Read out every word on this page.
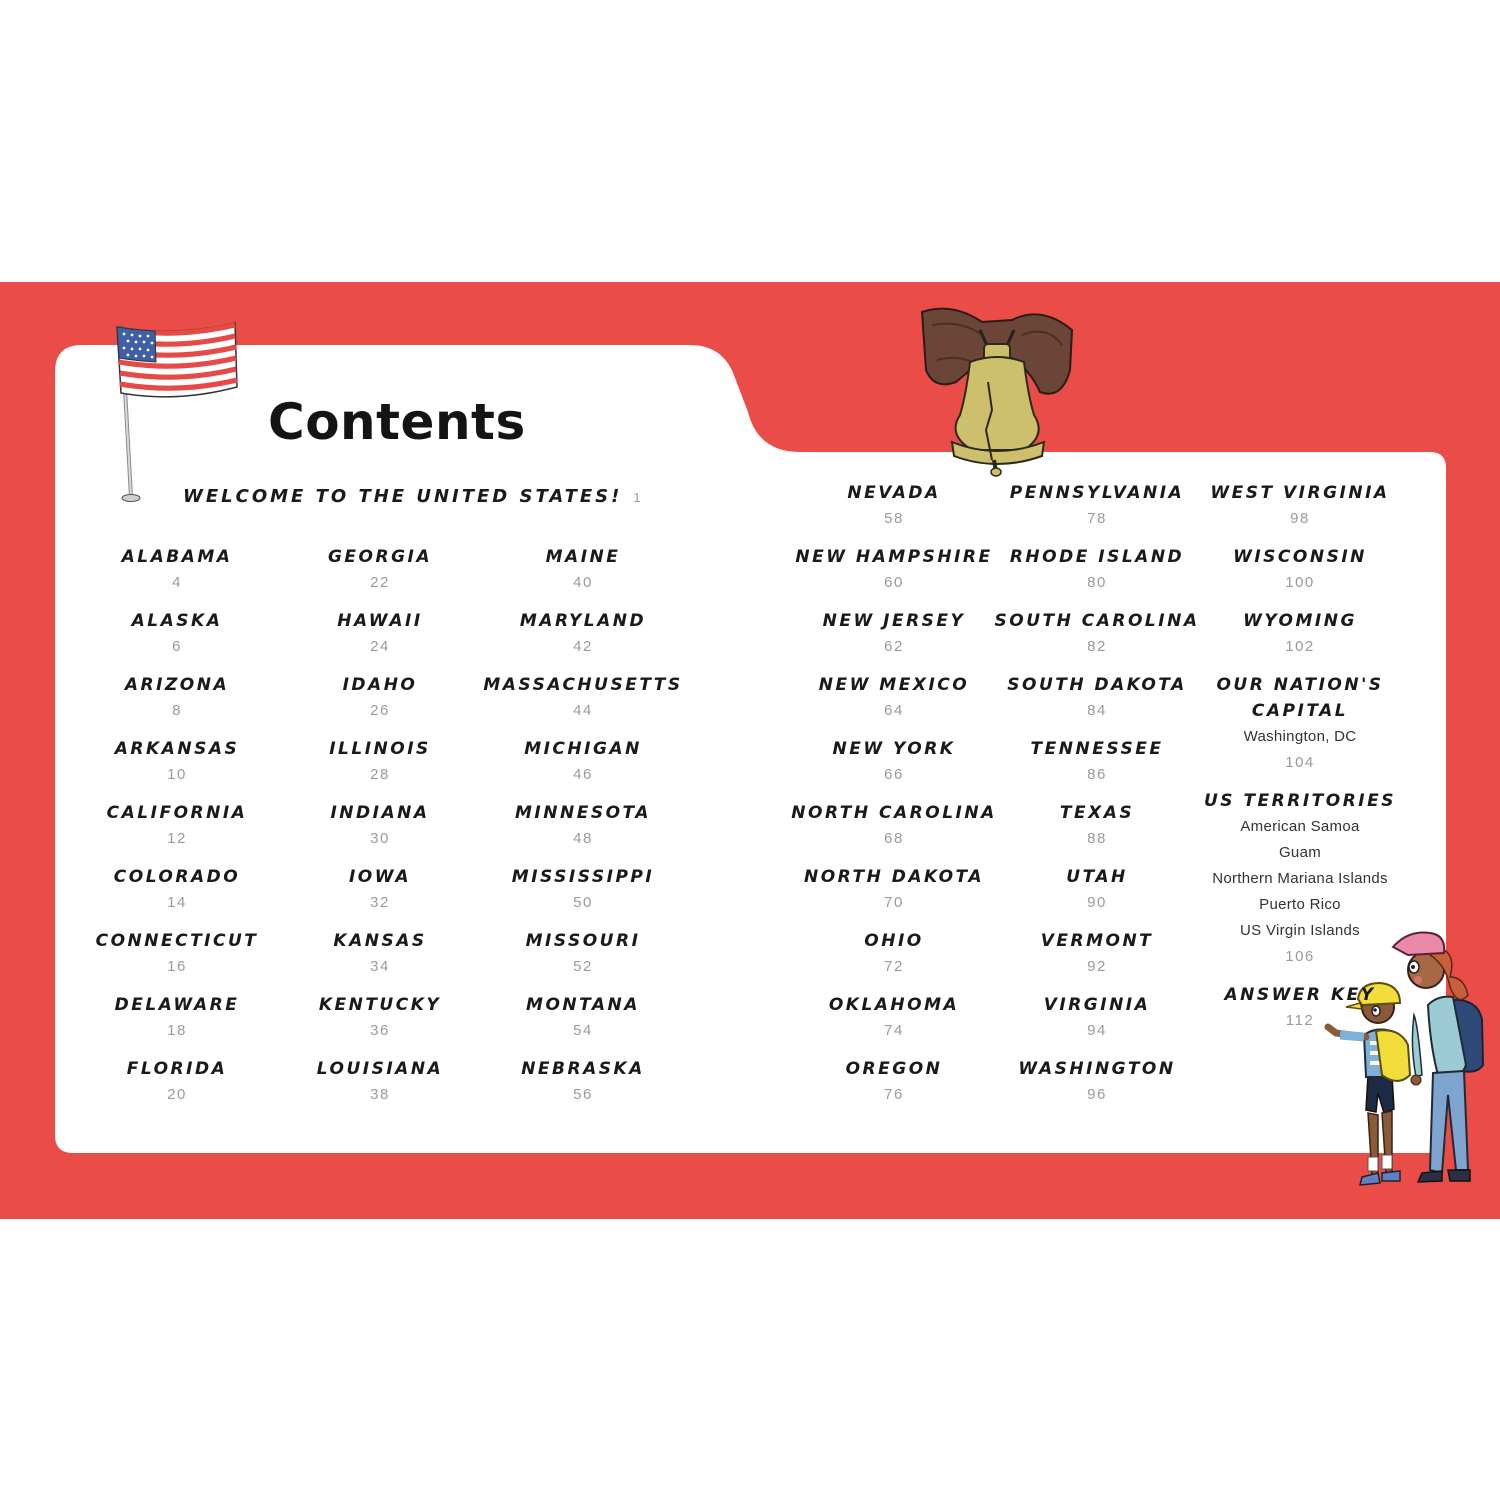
Contents
WELCOME TO THE UNITED STATES! 1
ALABAMA
4
ALASKA
6
ARIZONA
8
ARKANSAS
10
CALIFORNIA
12
COLORADO
14
CONNECTICUT
16
DELAWARE
18
FLORIDA
20
GEORGIA
22
HAWAII
24
IDAHO
26
ILLINOIS
28
INDIANA
30
IOWA
32
KANSAS
34
KENTUCKY
36
LOUISIANA
38
MAINE
40
MARYLAND
42
MASSACHUSETTS
44
MICHIGAN
46
MINNESOTA
48
MISSISSIPPI
50
MISSOURI
52
MONTANA
54
NEBRASKA
56
NEVADA
58
NEW HAMPSHIRE
60
NEW JERSEY
62
NEW MEXICO
64
NEW YORK
66
NORTH CAROLINA
68
NORTH DAKOTA
70
OHIO
72
OKLAHOMA
74
OREGON
76
PENNSYLVANIA
78
RHODE ISLAND
80
SOUTH CAROLINA
82
SOUTH DAKOTA
84
TENNESSEE
86
TEXAS
88
UTAH
90
VERMONT
92
VIRGINIA
94
WASHINGTON
96
WEST VIRGINIA
98
WISCONSIN
100
WYOMING
102
OUR NATION'S
CAPITAL
Washington, DC
104
US TERRITORIES
American Samoa
Guam
Northern Mariana Islands
Puerto Rico
US Virgin Islands
106
ANSWER KEY
112
